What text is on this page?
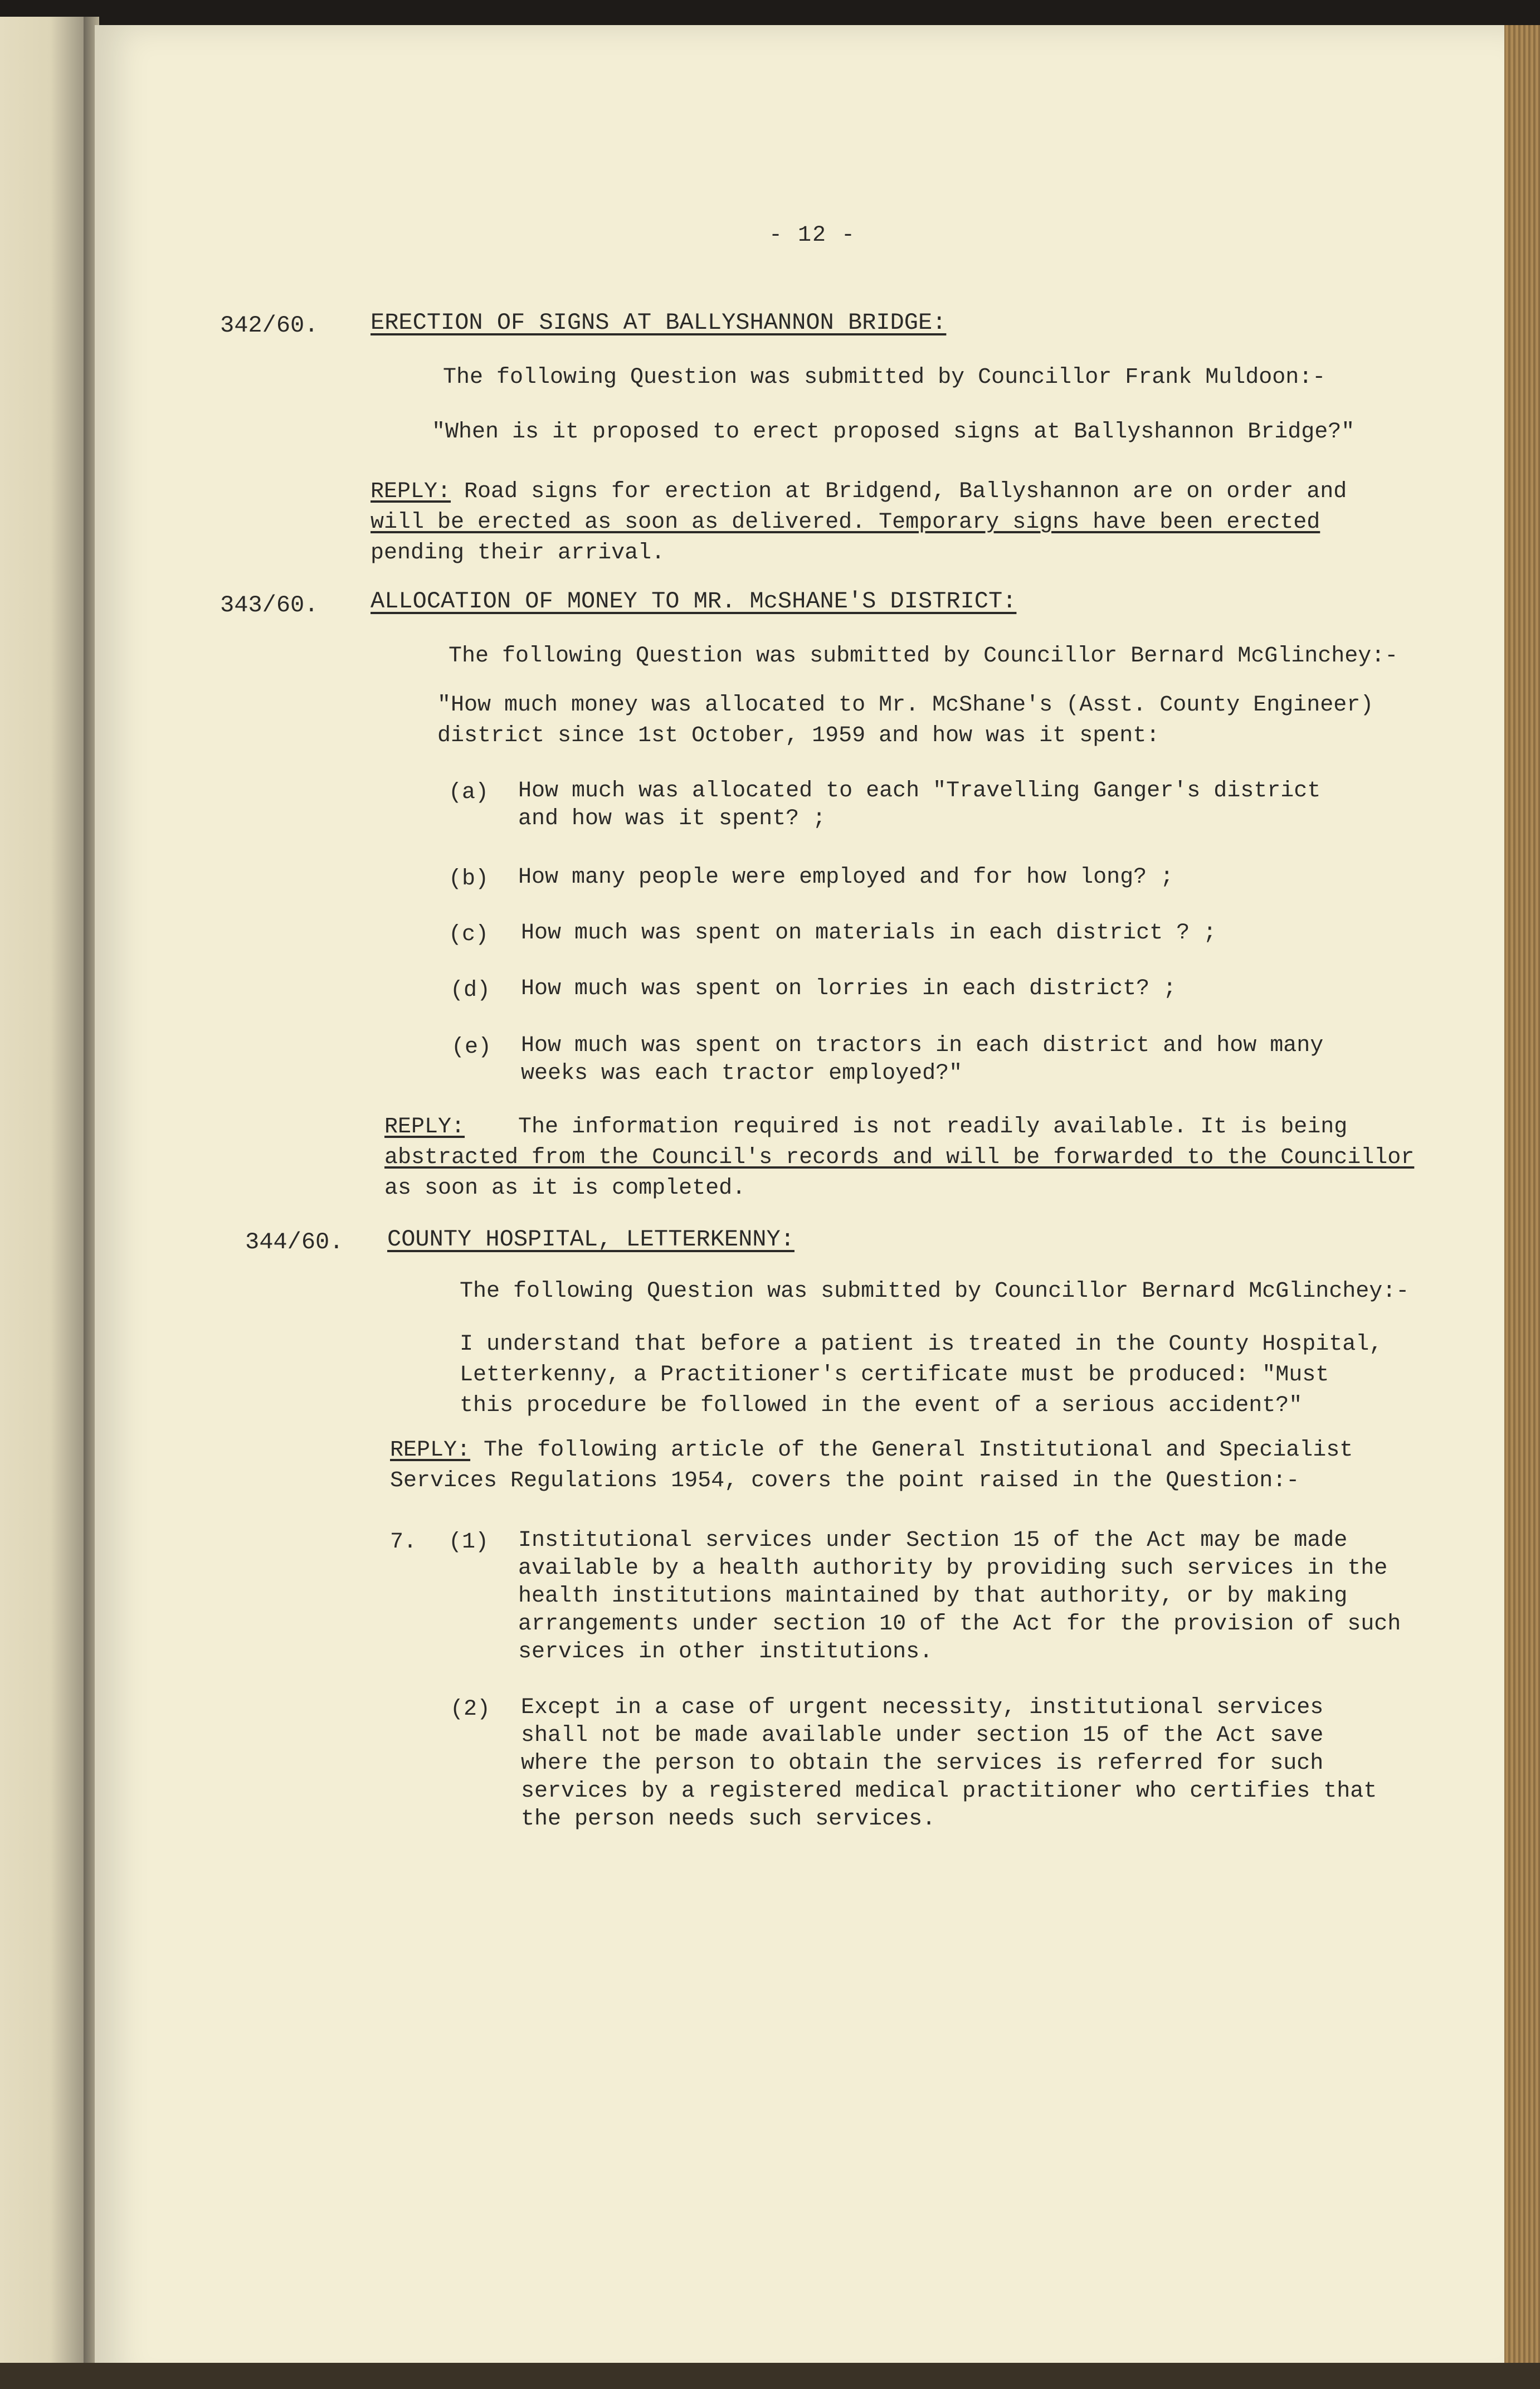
- 12 -
342/60. ERECTION OF SIGNS AT BALLYSHANNON BRIDGE:
The following Question was submitted by Councillor Frank Muldoon:-
"When is it proposed to erect proposed signs at Ballyshannon Bridge?"
REPLY: Road signs for erection at Bridgend, Ballyshannon are on order and
will be erected as soon as delivered. Temporary signs have been erected
pending their arrival.
343/60. ALLOCATION OF MONEY TO MR. McSHANE'S DISTRICT:
The following Question was submitted by Councillor Bernard McGlinchey:-
"How much money was allocated to Mr. McShane's (Asst. County Engineer)
district since 1st October, 1959 and how was it spent:
(a) How much was allocated to each "Travelling Ganger's district
and how was it spent? ;
(b) How many people were employed and for how long? ;
(c) How much was spent on materials in each district ? ;
(d) How much was spent on lorries in each district? ;
(e) How much was spent on tractors in each district and how many
weeks was each tractor employed?"
REPLY: The information required is not readily available. It is being
abstracted from the Council's records and will be forwarded to the Councillor
as soon as it is completed.
344/60. COUNTY HOSPITAL, LETTERKENNY:
The following Question was submitted by Councillor Bernard McGlinchey:-
I understand that before a patient is treated in the County Hospital,
Letterkenny, a Practitioner's certificate must be produced: "Must
this procedure be followed in the event of a serious accident?"
REPLY: The following article of the General Institutional and Specialist
Services Regulations 1954, covers the point raised in the Question:-
7. (1) Institutional services under Section 15 of the Act may be made
available by a health authority by providing such services in the
health institutions maintained by that authority, or by making
arrangements under section 10 of the Act for the provision of such
services in other institutions.
(2) Except in a case of urgent necessity, institutional services
shall not be made available under section 15 of the Act save
where the person to obtain the services is referred for such
services by a registered medical practitioner who certifies that
the person needs such services.
